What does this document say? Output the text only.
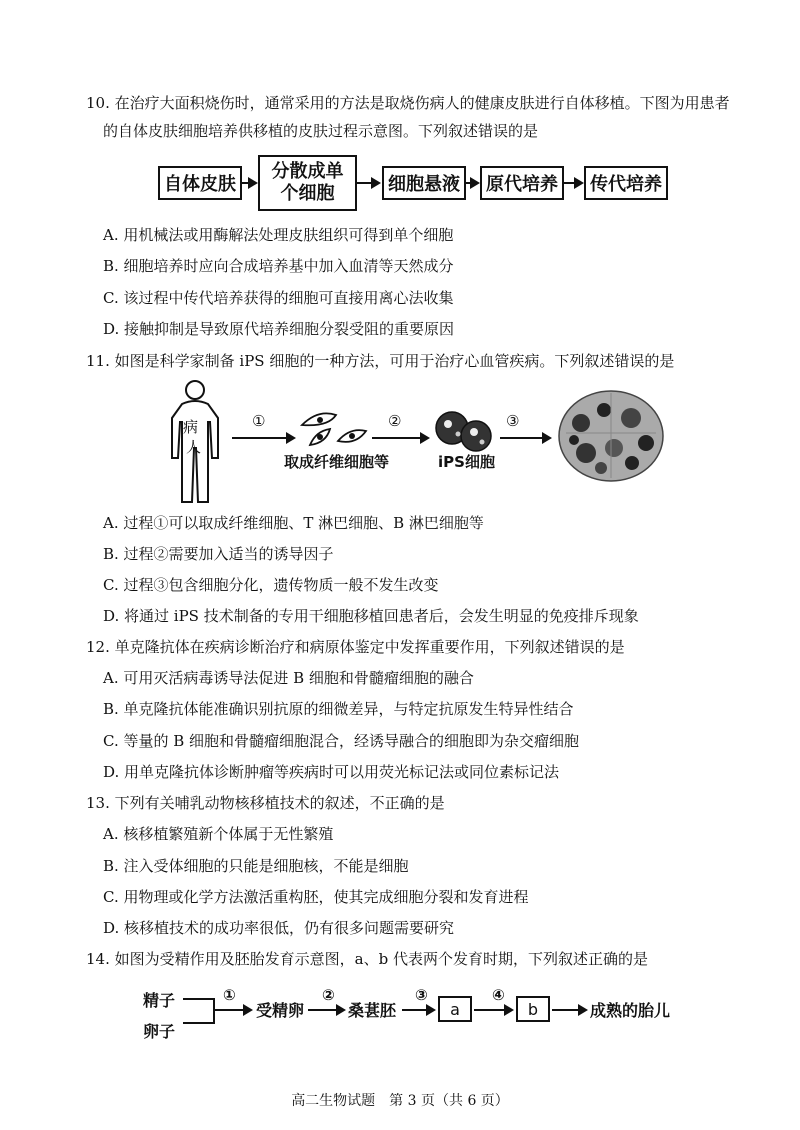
10. 在治疗大面积烧伤时，通常采用的方法是取烧伤病人的健康皮肤进行自体移植。下图为用患者
的自体皮肤细胞培养供移植的皮肤过程示意图。下列叙述错误的是
自体皮肤
分散成单
个细胞	细胞悬液	原代培养	传代培养
A. 用机械法或用酶解法处理皮肤组织可得到单个细胞
B. 细胞培养时应向合成培养基中加入血清等天然成分
C. 该过程中传代培养获得的细胞可直接用离心法收集
D. 接触抑制是导致原代培养细胞分裂受阻的重要原因
11. 如图是科学家制备 iPS 细胞的一种方法，可用于治疗心血管疾病。下列叙述错误的是
病
人
①
取成纤维细胞等
②
iPS细胞
③
A. 过程①可以取成纤维细胞、T 淋巴细胞、B 淋巴细胞等
B. 过程②需要加入适当的诱导因子
C. 过程③包含细胞分化，遗传物质一般不发生改变
D. 将通过 iPS 技术制备的专用干细胞移植回患者后，会发生明显的免疫排斥现象
12. 单克隆抗体在疾病诊断治疗和病原体鉴定中发挥重要作用，下列叙述错误的是
A. 可用灭活病毒诱导法促进 B 细胞和骨髓瘤细胞的融合
B. 单克隆抗体能准确识别抗原的细微差异，与特定抗原发生特异性结合
C. 等量的 B 细胞和骨髓瘤细胞混合，经诱导融合的细胞即为杂交瘤细胞
D. 用单克隆抗体诊断肿瘤等疾病时可以用荧光标记法或同位素标记法
13. 下列有关哺乳动物核移植技术的叙述，不正确的是
A. 核移植繁殖新个体属于无性繁殖
B. 注入受体细胞的只能是细胞核，不能是细胞
C. 用物理或化学方法激活重构胚，使其完成细胞分裂和发育进程
D. 核移植技术的成功率很低，仍有很多问题需要研究
14. 如图为受精作用及胚胎发育示意图，a、b 代表两个发育时期，下列叙述正确的是
精子
卵子
①
受精卵
②
桑葚胚
③
a
④
b	成熟的胎儿
高二生物试题　第 3 页（共 6 页）
